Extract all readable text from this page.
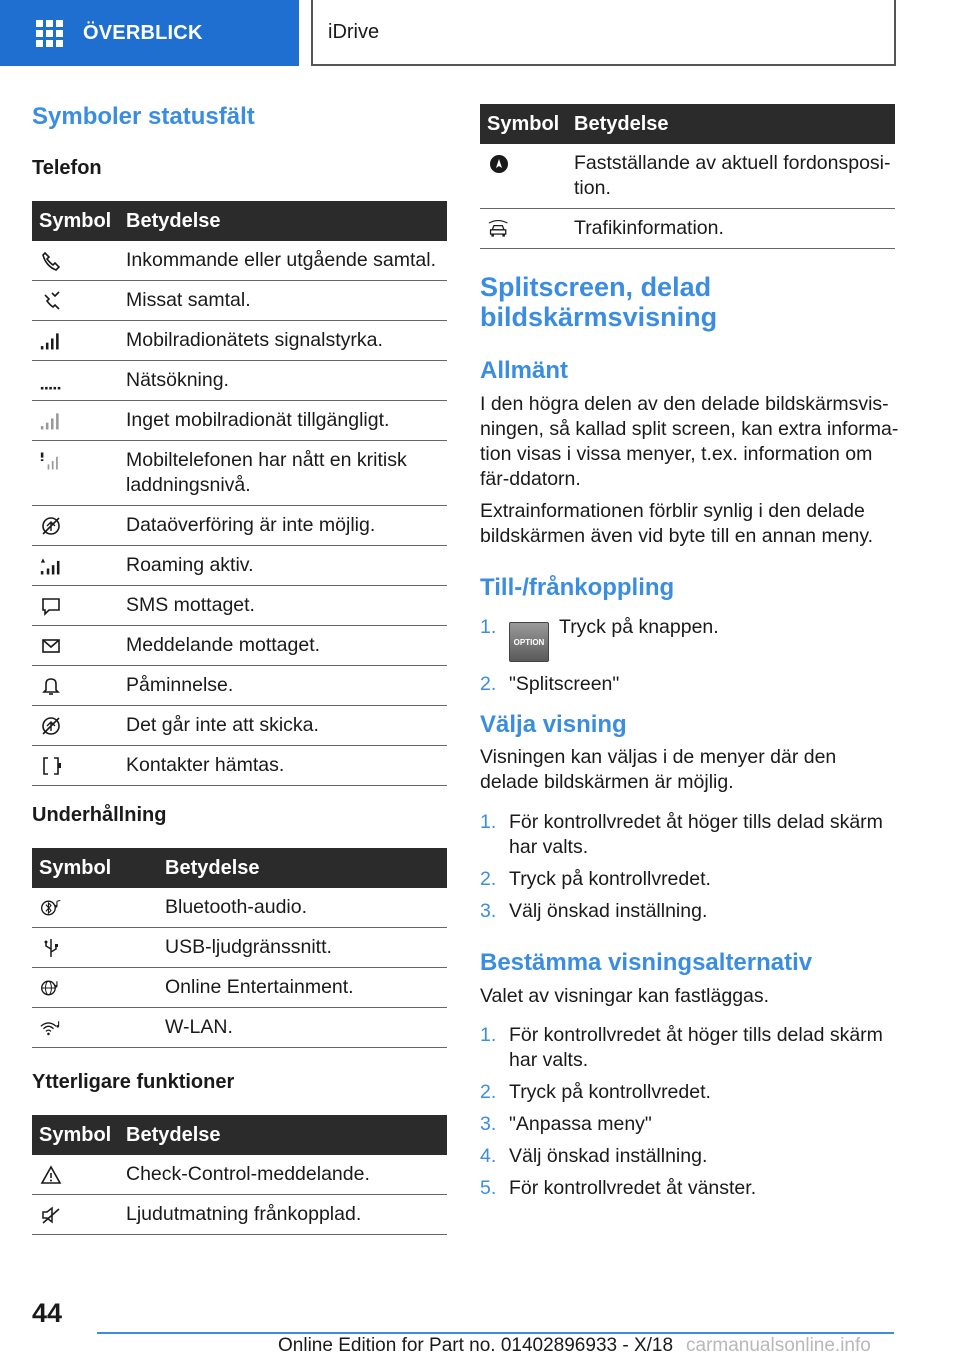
ÖVERBLICK	iDrive
Symboler statusfält
Telefon
Symbol	Betydelse
	Inkommande eller utgående samtal.
	Missat samtal.
	Mobilradionätets signalstyrka.
	Nätsökning.
	Inget mobilradionät tillgängligt.
	Mobiltelefonen har nått en kritisk laddningsnivå.
	Dataöverföring är inte möjlig.
	Roaming aktiv.
	SMS mottaget.
	Meddelande mottaget.
	Påminnelse.
	Det går inte att skicka.
	Kontakter hämtas.
Underhållning
Symbol	Betydelse
	Bluetooth-audio.
	USB-ljudgränssnitt.
	Online Entertainment.
	W-LAN.
Ytterligare funktioner
Symbol	Betydelse
	Check-Control-meddelande.
	Ljudutmatning frånkopplad.
Symbol	Betydelse
	Fastställande av aktuell fordonsposi-tion.
	Trafikinformation.
Splitscreen, delad
bildskärmsvisning
Allmänt
I den högra delen av den delade bildskärmsvis-ningen, så kallad split screen, kan extra informa-tion visas i vissa menyer, t.ex. information om fär-ddatorn.
Extrainformationen förblir synlig i den delade bildskärmen även vid byte till en annan meny.
Till-/frånkoppling
1.
OPTIONTryck på knappen.
2. "Splitscreen"
Välja visning
Visningen kan väljas i de menyer där den delade bildskärmen är möjlig.
1. För kontrollvredet åt höger tills delad skärm har valts.
2. Tryck på kontrollvredet.
3. Välj önskad inställning.
Bestämma visningsalternativ
Valet av visningar kan fastläggas.
1. För kontrollvredet åt höger tills delad skärm har valts.
2. Tryck på kontrollvredet.
3. "Anpassa meny"
4. Välj önskad inställning.
5. För kontrollvredet åt vänster.
44
Online Edition for Part no. 01402896933 - X/18 carmanualsonline.info
